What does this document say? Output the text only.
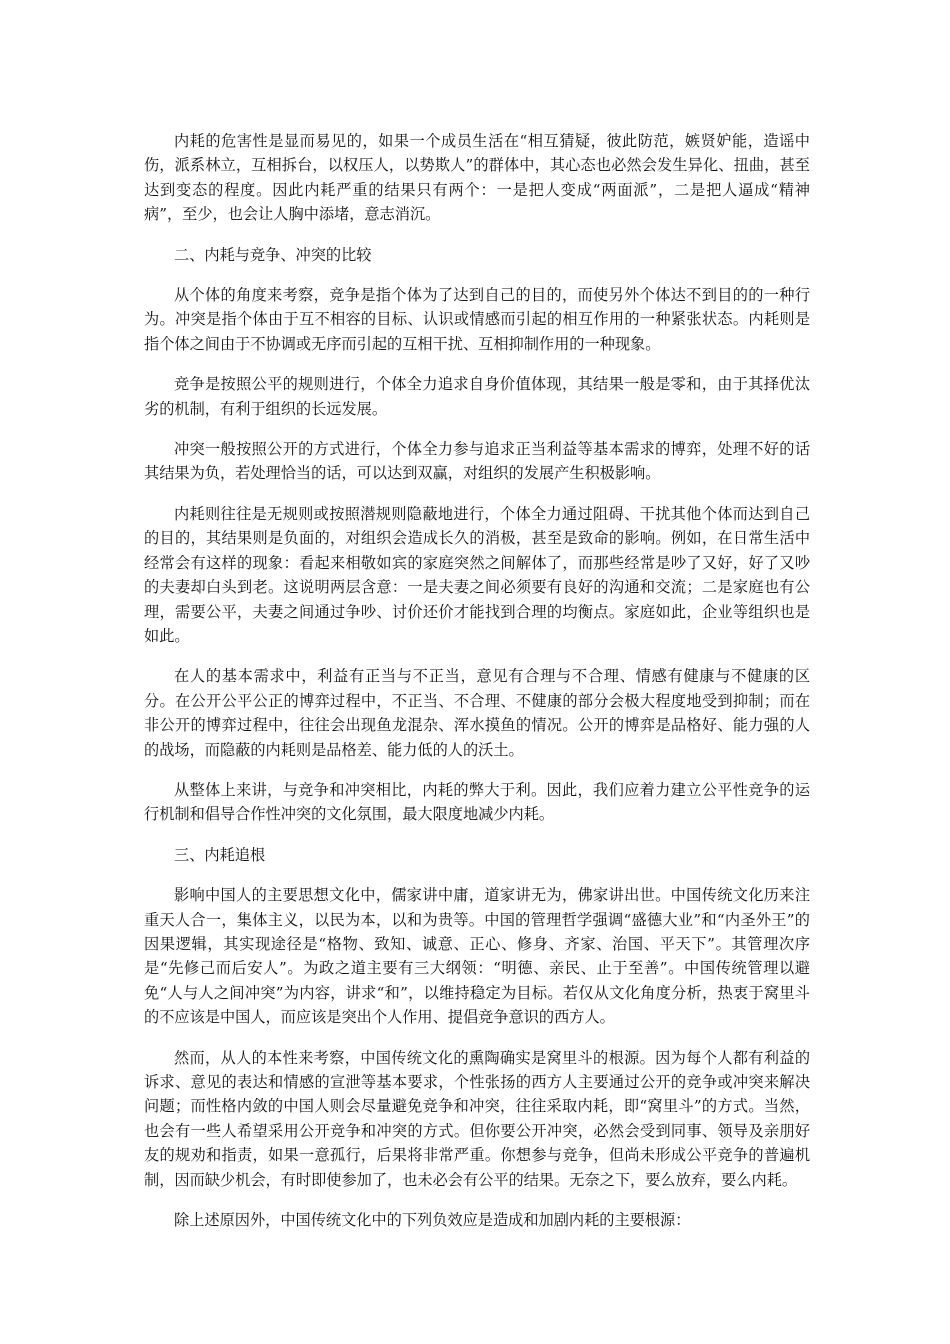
内耗的危害性是显而易见的，如果一个成员生活在“相互猜疑，彼此防范，嫉贤妒能，造谣中伤，派系林立，互相拆台，以权压人，以势欺人”的群体中，其心态也必然会发生异化、扭曲，甚至达到变态的程度。因此内耗严重的结果只有两个：一是把人变成“两面派”，二是把人逼成“精神病”，至少，也会让人胸中添堵，意志消沉。

二、内耗与竞争、冲突的比较

从个体的角度来考察，竞争是指个体为了达到自己的目的，而使另外个体达不到目的的一种行为。冲突是指个体由于互不相容的目标、认识或情感而引起的相互作用的一种紧张状态。内耗则是指个体之间由于不协调或无序而引起的互相干扰、互相抑制作用的一种现象。

竞争是按照公平的规则进行，个体全力追求自身价值体现，其结果一般是零和，由于其择优汰劣的机制，有利于组织的长远发展。

冲突一般按照公开的方式进行，个体全力参与追求正当利益等基本需求的博弈，处理不好的话其结果为负，若处理恰当的话，可以达到双赢，对组织的发展产生积极影响。

内耗则往往是无规则或按照潜规则隐蔽地进行，个体全力通过阻碍、干扰其他个体而达到自己的目的，其结果则是负面的，对组织会造成长久的消极，甚至是致命的影响。例如，在日常生活中经常会有这样的现象：看起来相敬如宾的家庭突然之间解体了，而那些经常是吵了又好，好了又吵的夫妻却白头到老。这说明两层含意：一是夫妻之间必须要有良好的沟通和交流；二是家庭也有公理，需要公平，夫妻之间通过争吵、讨价还价才能找到合理的均衡点。家庭如此，企业等组织也是如此。

在人的基本需求中，利益有正当与不正当，意见有合理与不合理、情感有健康与不健康的区分。在公开公平公正的博弈过程中，不正当、不合理、不健康的部分会极大程度地受到抑制；而在非公开的博弈过程中，往往会出现鱼龙混杂、浑水摸鱼的情况。公开的博弈是品格好、能力强的人的战场，而隐蔽的内耗则是品格差、能力低的人的沃土。

从整体上来讲，与竞争和冲突相比，内耗的弊大于利。因此，我们应着力建立公平性竞争的运行机制和倡导合作性冲突的文化氛围，最大限度地减少内耗。

三、内耗追根

影响中国人的主要思想文化中，儒家讲中庸，道家讲无为，佛家讲出世。中国传统文化历来注重天人合一，集体主义，以民为本，以和为贵等。中国的管理哲学强调“盛德大业”和“内圣外王”的因果逻辑，其实现途径是“格物、致知、诚意、正心、修身、齐家、治国、平天下”。其管理次序是“先修己而后安人”。为政之道主要有三大纲领：“明德、亲民、止于至善”。中国传统管理以避免“人与人之间冲突”为内容，讲求“和”，以维持稳定为目标。若仅从文化角度分析，热衷于窝里斗的不应该是中国人，而应该是突出个人作用、提倡竞争意识的西方人。

然而，从人的本性来考察，中国传统文化的熏陶确实是窝里斗的根源。因为每个人都有利益的诉求、意见的表达和情感的宣泄等基本要求，个性张扬的西方人主要通过公开的竞争或冲突来解决问题；而性格内敛的中国人则会尽量避免竞争和冲突，往往采取内耗，即“窝里斗”的方式。当然，也会有一些人希望采用公开竞争和冲突的方式。但你要公开冲突，必然会受到同事、领导及亲朋好友的规劝和指责，如果一意孤行，后果将非常严重。你想参与竞争，但尚未形成公平竞争的普遍机制，因而缺少机会，有时即使参加了，也未必会有公平的结果。无奈之下，要么放弃，要么内耗。

除上述原因外，中国传统文化中的下列负效应是造成和加剧内耗的主要根源：
